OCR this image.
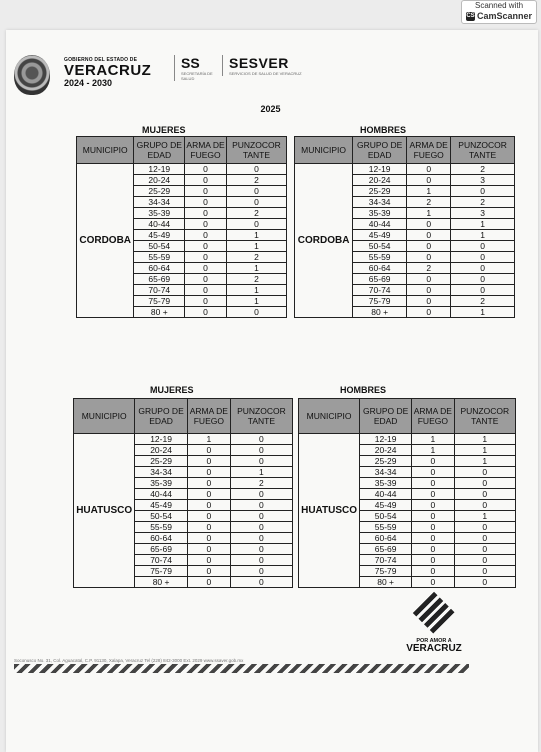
Scanned with
CS CamScanner
GOBIERNO DEL ESTADO DE
VERACRUZ
2024 - 2030
SS
SECRETARÍA DE SALUD
SESVER
SERVICIOS DE SALUD DE VERACRUZ
2025
MUJERES	HOMBRES
MUJERES	HOMBRES
MUNICIPIO	GRUPO DE EDAD	ARMA DE FUEGO	PUNZOCOR TANTE
CORDOBA	12-19	0	0
	20-24	0	2
	25-29	0	0
	34-34	0	0
	35-39	0	2
	40-44	0	0
	45-49	0	1
	50-54	0	1
	55-59	0	2
	60-64	0	1
	65-69	0	2
	70-74	0	1
	75-79	0	1
	80 +	0	0
MUNICIPIO	GRUPO DE EDAD	ARMA DE FUEGO	PUNZOCOR TANTE
CORDOBA	12-19	0	2
	20-24	0	3
	25-29	1	0
	34-34	2	2
	35-39	1	3
	40-44	0	1
	45-49	0	1
	50-54	0	0
	55-59	0	0
	60-64	2	0
	65-69	0	0
	70-74	0	0
	75-79	0	2
	80 +	0	1
MUNICIPIO	GRUPO DE EDAD	ARMA DE FUEGO	PUNZOCOR TANTE
HUATUSCO	12-19	1	0
	20-24	0	0
	25-29	0	0
	34-34	0	1
	35-39	0	2
	40-44	0	0
	45-49	0	0
	50-54	0	0
	55-59	0	0
	60-64	0	0
	65-69	0	0
	70-74	0	0
	75-79	0	0
	80 +	0	0
MUNICIPIO	GRUPO DE EDAD	ARMA DE FUEGO	PUNZOCOR TANTE
HUATUSCO	12-19	1	1
	20-24	1	1
	25-29	0	1
	34-34	0	0
	35-39	0	0
	40-44	0	0
	45-49	0	0
	50-54	0	1
	55-59	0	0
	60-64	0	0
	65-69	0	0
	70-74	0	0
	75-79	0	0
	80 +	0	0
POR AMOR A
VERACRUZ
Soconusco No. 31, Col. Aguacatal, C.P. 91130, Xalapa, Veracruz Tel (228) 842-3000 Ext. 2029 www.ssaver.gob.mx
